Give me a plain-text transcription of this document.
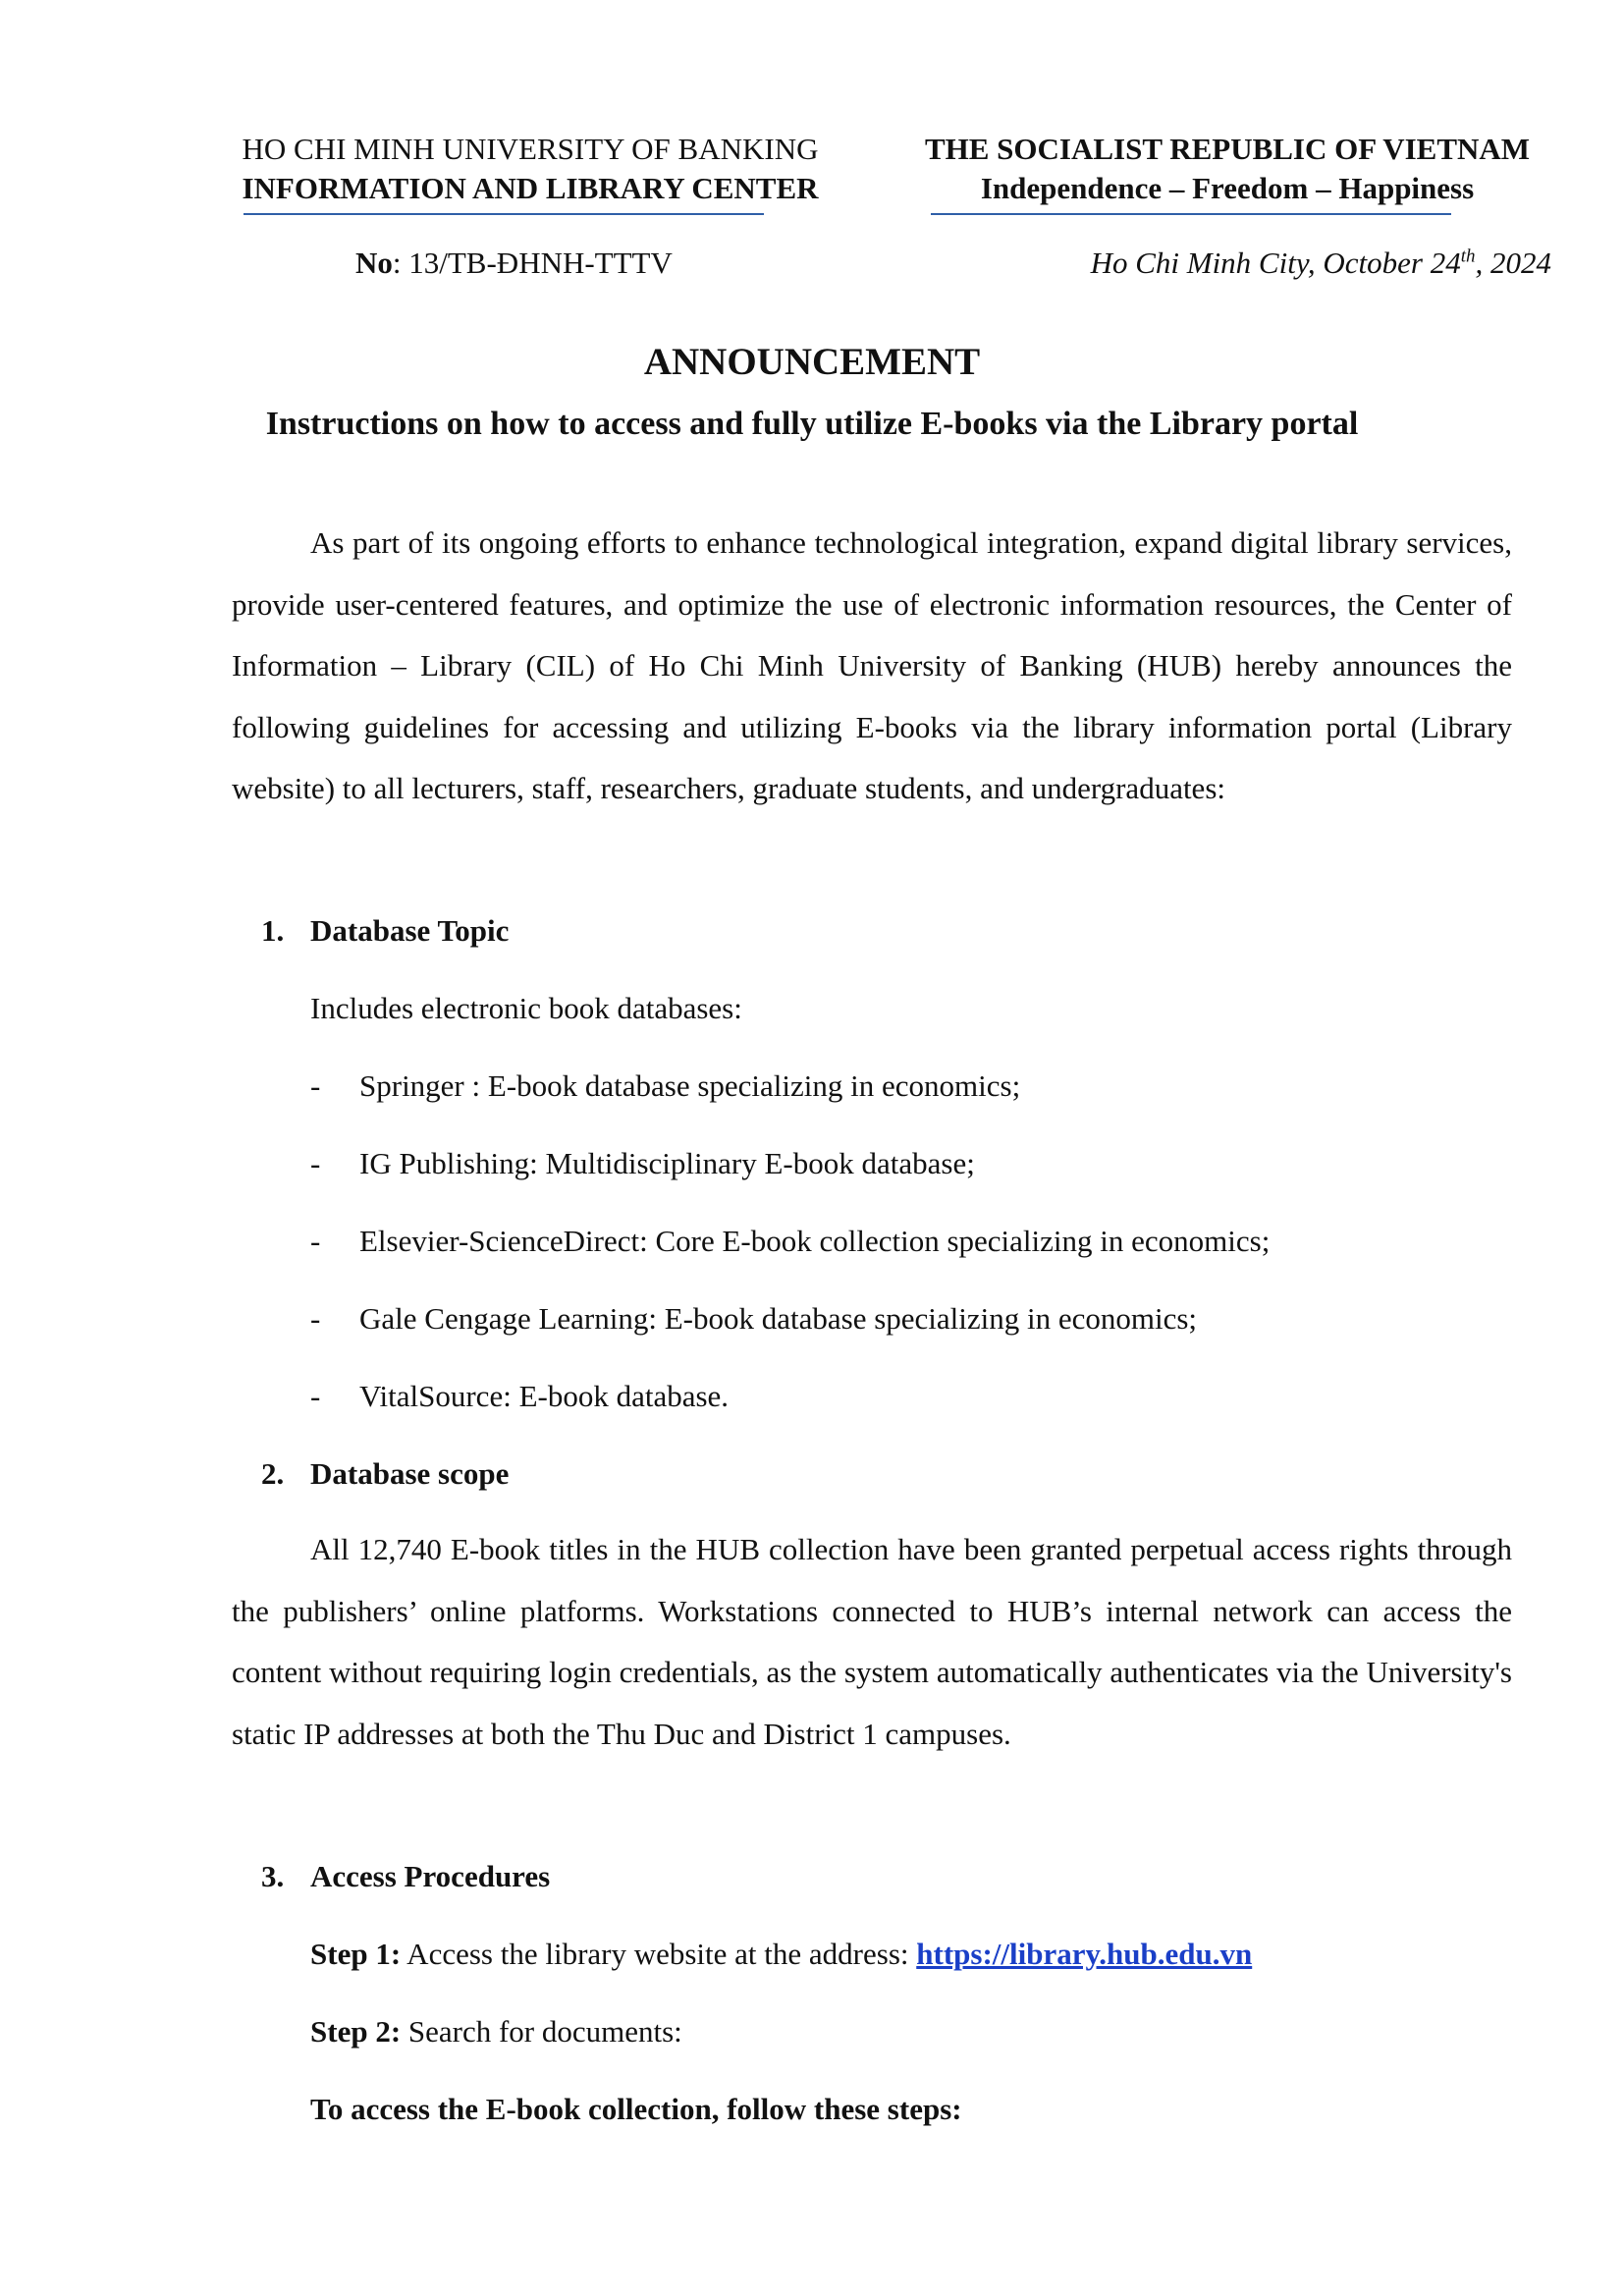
HO CHI MINH UNIVERSITY OF BANKING
INFORMATION AND LIBRARY CENTER
THE SOCIALIST REPUBLIC OF VIETNAM
Independence – Freedom – Happiness
No: 13/TB-ĐHNH-TTTV	Ho Chi Minh City, October 24th, 2024
ANNOUNCEMENT
Instructions on how to access and fully utilize E-books via the Library portal
As part of its ongoing efforts to enhance technological integration, expand digital library services, provide user-centered features, and optimize the use of electronic information resources, the Center of Information – Library (CIL) of Ho Chi Minh University of Banking (HUB) hereby announces the following guidelines for accessing and utilizing E-books via the library information portal (Library website) to all lecturers, staff, researchers, graduate students, and undergraduates:
1. Database Topic
Includes electronic book databases:
- Springer : E-book database specializing in economics;
- IG Publishing: Multidisciplinary E-book database;
- Elsevier-ScienceDirect: Core E-book collection specializing in economics;
- Gale Cengage Learning: E-book database specializing in economics;
- VitalSource: E-book database.
2. Database scope
All 12,740 E-book titles in the HUB collection have been granted perpetual access rights through the publishers’ online platforms. Workstations connected to HUB’s internal network can access the content without requiring login credentials, as the system automatically authenticates via the University's static IP addresses at both the Thu Duc and District 1 campuses.
3. Access Procedures
Step 1: Access the library website at the address: https://library.hub.edu.vn
Step 2: Search for documents:
To access the E-book collection, follow these steps:
